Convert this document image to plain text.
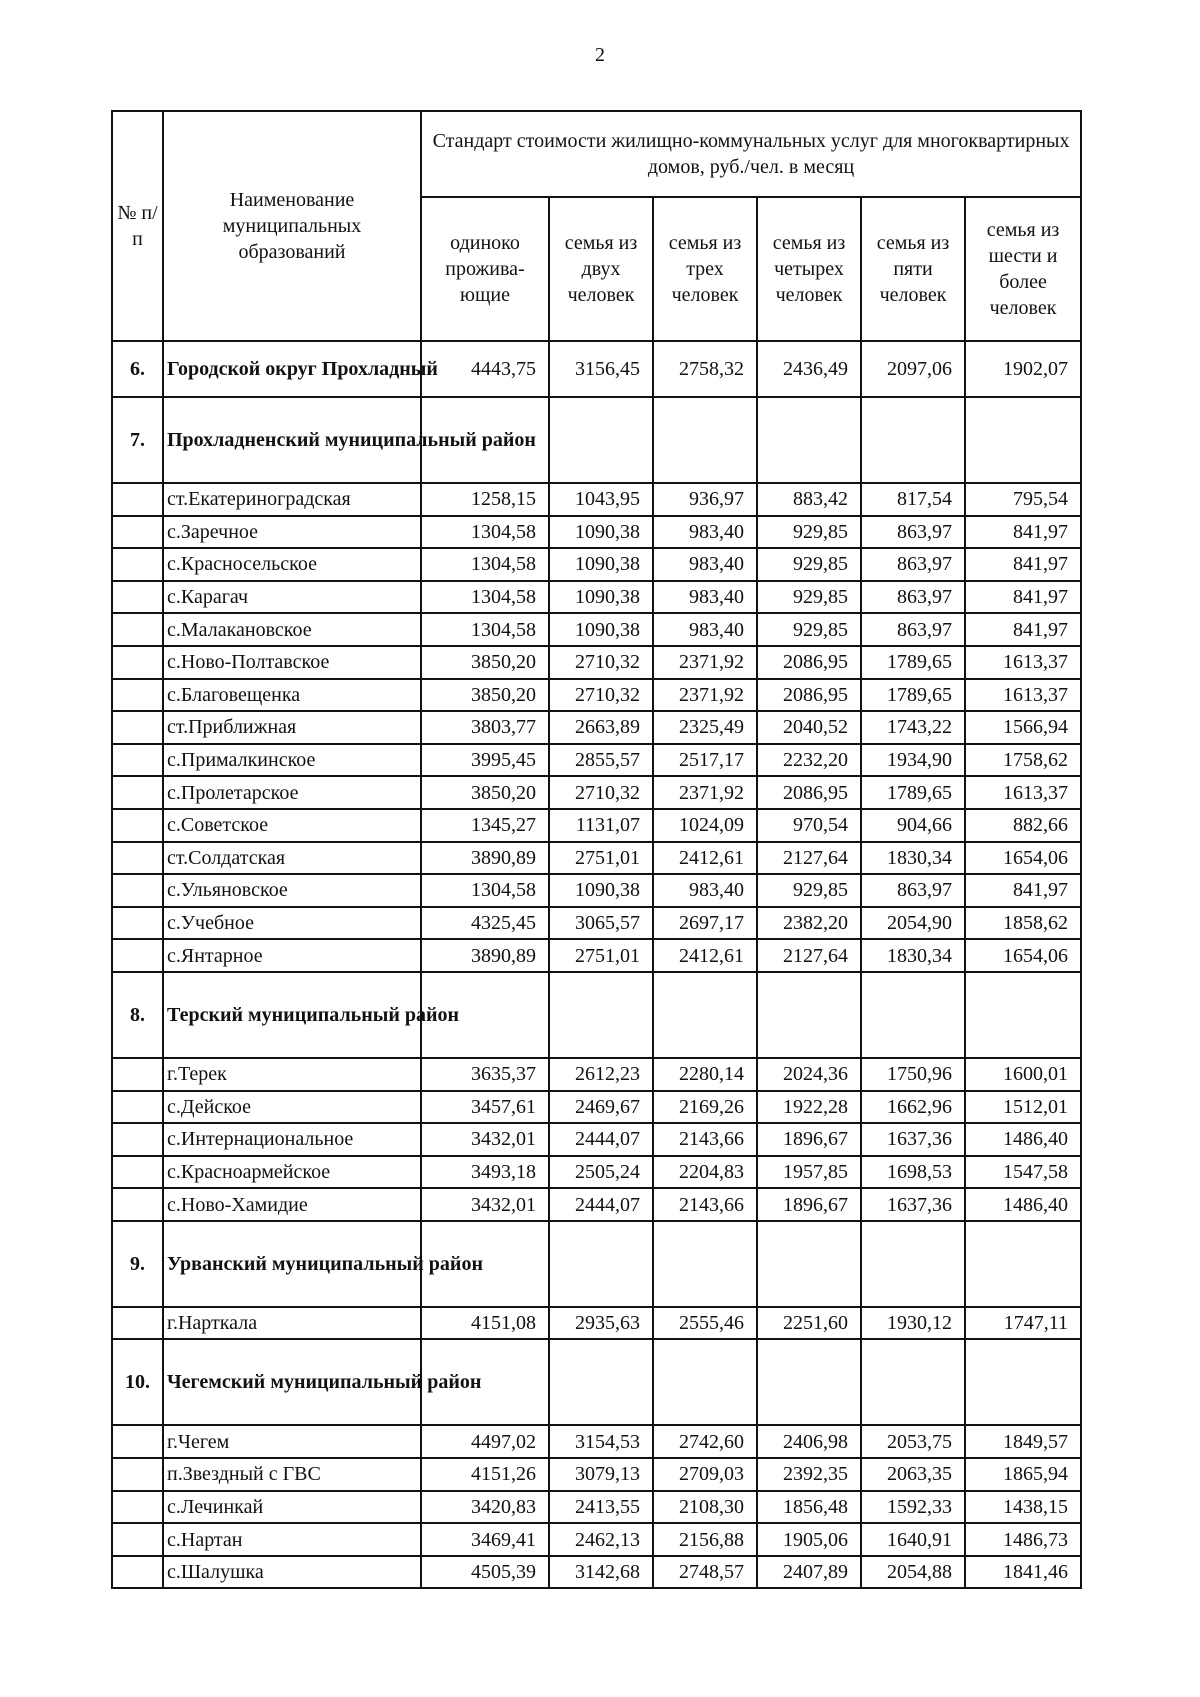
2
№ п/п	Наименование муниципальных образований	Стандарт стоимости жилищно-коммунальных услуг для многоквартирных домов, руб./чел. в месяц					
		одиноко прожива-ющие	семья из двух человек	семья из трех человек	семья из четырех человек	семья из пяти человек	семья из шести и более человек
6.	Городской округ Прохладный	4443,75	3156,45	2758,32	2436,49	2097,06	1902,07
7.	Прохладненский муниципальный район						
	ст.Екатериноградская	1258,15	1043,95	936,97	883,42	817,54	795,54
	с.Заречное	1304,58	1090,38	983,40	929,85	863,97	841,97
	с.Красносельское	1304,58	1090,38	983,40	929,85	863,97	841,97
	с.Карагач	1304,58	1090,38	983,40	929,85	863,97	841,97
	с.Малакановское	1304,58	1090,38	983,40	929,85	863,97	841,97
	с.Ново-Полтавское	3850,20	2710,32	2371,92	2086,95	1789,65	1613,37
	с.Благовещенка	3850,20	2710,32	2371,92	2086,95	1789,65	1613,37
	ст.Приближная	3803,77	2663,89	2325,49	2040,52	1743,22	1566,94
	с.Прималкинское	3995,45	2855,57	2517,17	2232,20	1934,90	1758,62
	с.Пролетарское	3850,20	2710,32	2371,92	2086,95	1789,65	1613,37
	с.Советское	1345,27	1131,07	1024,09	970,54	904,66	882,66
	ст.Солдатская	3890,89	2751,01	2412,61	2127,64	1830,34	1654,06
	с.Ульяновское	1304,58	1090,38	983,40	929,85	863,97	841,97
	с.Учебное	4325,45	3065,57	2697,17	2382,20	2054,90	1858,62
	с.Янтарное	3890,89	2751,01	2412,61	2127,64	1830,34	1654,06
8.	Терский муниципальный район						
	г.Терек	3635,37	2612,23	2280,14	2024,36	1750,96	1600,01
	с.Дейское	3457,61	2469,67	2169,26	1922,28	1662,96	1512,01
	с.Интернациональное	3432,01	2444,07	2143,66	1896,67	1637,36	1486,40
	с.Красноармейское	3493,18	2505,24	2204,83	1957,85	1698,53	1547,58
	с.Ново-Хамидие	3432,01	2444,07	2143,66	1896,67	1637,36	1486,40
9.	Урванский муниципальный район						
	г.Нарткала	4151,08	2935,63	2555,46	2251,60	1930,12	1747,11
10.	Чегемский муниципальный район						
	г.Чегем	4497,02	3154,53	2742,60	2406,98	2053,75	1849,57
	п.Звездный с ГВС	4151,26	3079,13	2709,03	2392,35	2063,35	1865,94
	с.Лечинкай	3420,83	2413,55	2108,30	1856,48	1592,33	1438,15
	с.Нартан	3469,41	2462,13	2156,88	1905,06	1640,91	1486,73
	с.Шалушка	4505,39	3142,68	2748,57	2407,89	2054,88	1841,46
